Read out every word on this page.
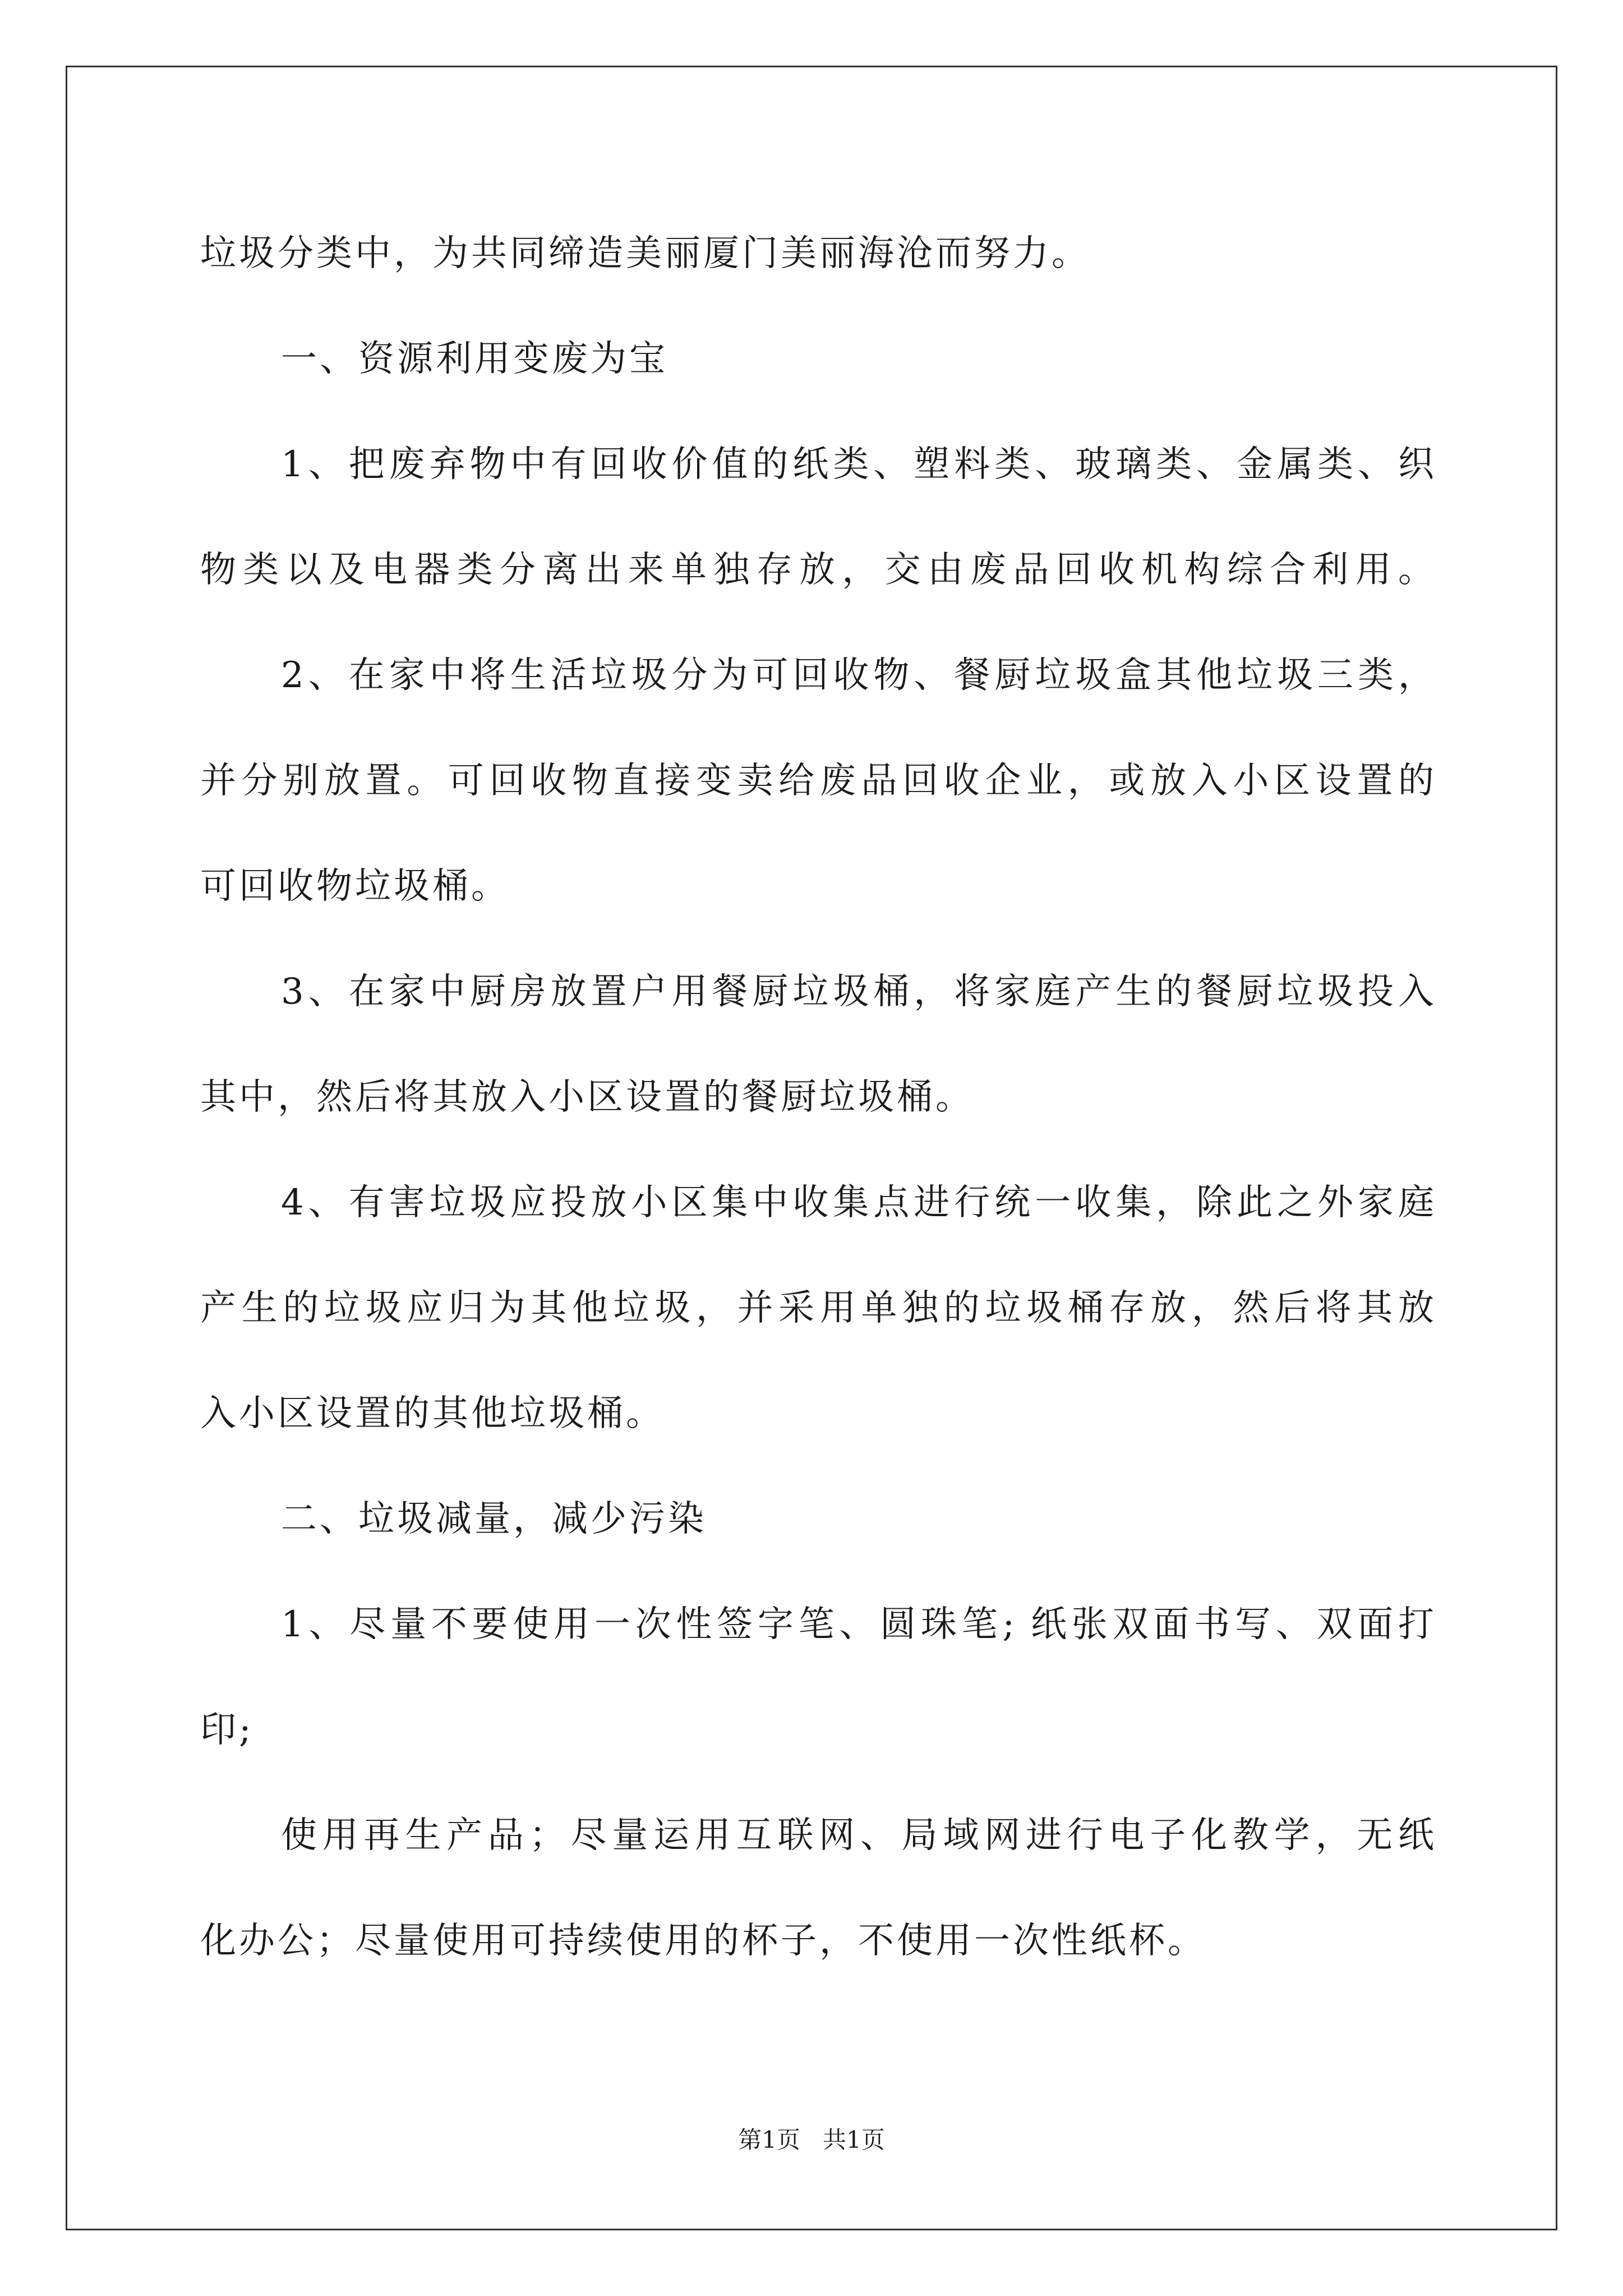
垃圾分类中，为共同缔造美丽厦门美丽海沧而努力。
一、资源利用变废为宝
1、把废弃物中有回收价值的纸类、塑料类、玻璃类、金属类、织
物类以及电器类分离出来单独存放，交由废品回收机构综合利用。
2、在家中将生活垃圾分为可回收物、餐厨垃圾盒其他垃圾三类，
并分别放置。可回收物直接变卖给废品回收企业，或放入小区设置的
可回收物垃圾桶。
3、在家中厨房放置户用餐厨垃圾桶，将家庭产生的餐厨垃圾投入
其中，然后将其放入小区设置的餐厨垃圾桶。
4、有害垃圾应投放小区集中收集点进行统一收集，除此之外家庭
产生的垃圾应归为其他垃圾，并采用单独的垃圾桶存放，然后将其放
入小区设置的其他垃圾桶。
二、垃圾减量，减少污染
1、尽量不要使用一次性签字笔、圆珠笔; 纸张双面书写、双面打
印;
使用再生产品；尽量运用互联网、局域网进行电子化教学，无纸
化办公；尽量使用可持续使用的杯子，不使用一次性纸杯。
第1页   共1页
